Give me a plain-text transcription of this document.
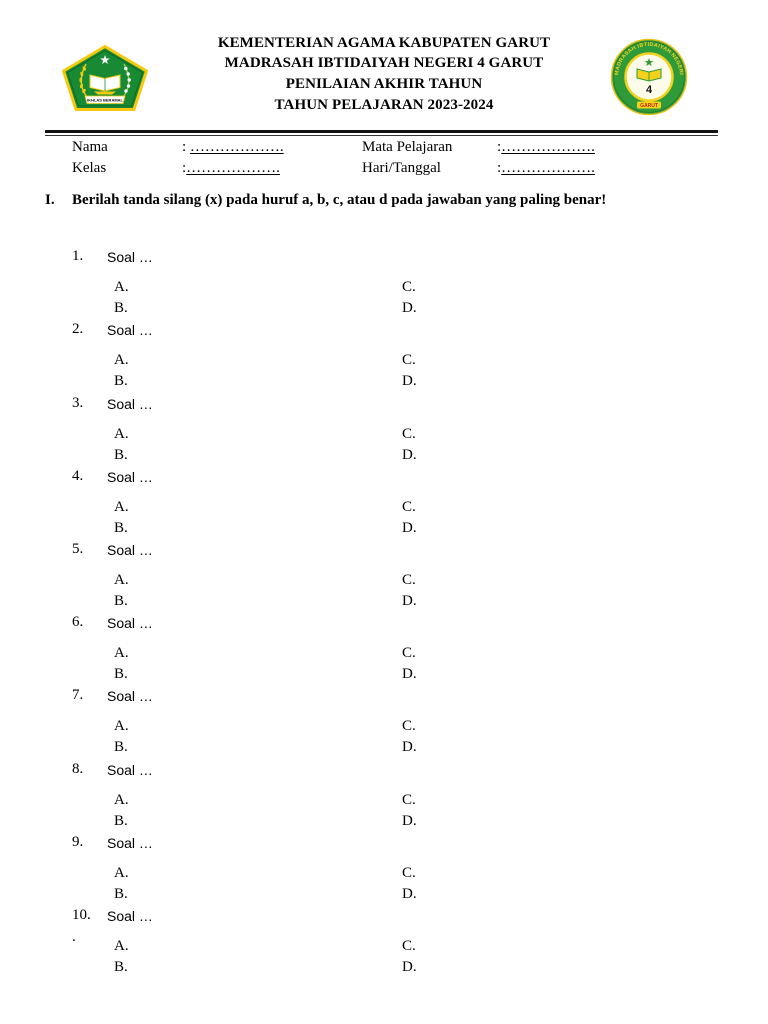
IKHLAS BERAMAL
MADRASAH IBTIDAIYAH NEGERI
4
GARUT
KEMENTERIAN AGAMA KABUPATEN GARUT
MADRASAH IBTIDAIYAH NEGERI 4 GARUT
PENILAIAN AKHIR TAHUN
TAHUN PELAJARAN 2023-2024
Nama	: ……………….	Mata Pelajaran	:……………….
Kelas	:……………….	Hari/Tanggal	:……………….
I. Berilah tanda silang (x) pada huruf a, b, c, atau d pada jawaban yang paling benar!
1. Soal …
A.
B.
C.
D.
2. Soal …
A.
B.
C.
D.
3. Soal …
A.
B.
C.
D.
4. Soal …
A.
B.
C.
D.
5. Soal …
A.
B.
C.
D.
6. Soal …
A.
B.
C.
D.
7. Soal …
A.
B.
C.
D.
8. Soal …
A.
B.
C.
D.
9. Soal …
A.
B.
C.
D.
10. Soal …
.
A.
B.
C.
D.
